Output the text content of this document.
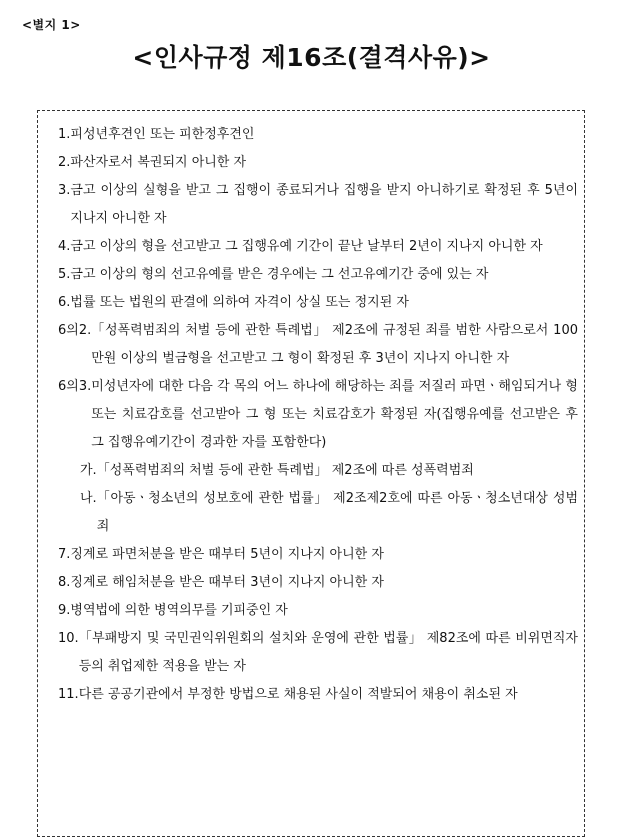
<별지 1>
<인사규정 제16조(결격사유)>
1. 피성년후견인 또는 피한정후견인
2. 파산자로서 복권되지 아니한 자
3. 금고 이상의 실형을 받고 그 집행이 종료되거나 집행을 받지 아니하기로 확정된 후 5년이 지나지 아니한 자
4. 금고 이상의 형을 선고받고 그 집행유예 기간이 끝난 날부터 2년이 지나지 아니한 자
5. 금고 이상의 형의 선고유예를 받은 경우에는 그 선고유예기간 중에 있는 자
6. 법률 또는 법원의 판결에 의하여 자격이 상실 또는 정지된 자
6의2. 「성폭력범죄의 처벌 등에 관한 특례법」 제2조에 규정된 죄를 범한 사람으로서 100만원 이상의 벌금형을 선고받고 그 형이 확정된 후 3년이 지나지 아니한 자
6의3. 미성년자에 대한 다음 각 목의 어느 하나에 해당하는 죄를 저질러 파면ㆍ해임되거나 형 또는 치료감호를 선고받아 그 형 또는 치료감호가 확정된 자(집행유예를 선고받은 후 그 집행유예기간이 경과한 자를 포함한다)
가. 「성폭력범죄의 처벌 등에 관한 특례법」 제2조에 따른 성폭력범죄
나. 「아동ㆍ청소년의 성보호에 관한 법률」 제2조제2호에 따른 아동ㆍ청소년대상 성범죄
7. 징계로 파면처분을 받은 때부터 5년이 지나지 아니한 자
8. 징계로 해임처분을 받은 때부터 3년이 지나지 아니한 자
9. 병역법에 의한 병역의무를 기피중인 자
10. 「부패방지 및 국민권익위원회의 설치와 운영에 관한 법률」 제82조에 따른 비위면직자 등의 취업제한 적용을 받는 자
11. 다른 공공기관에서 부정한 방법으로 채용된 사실이 적발되어 채용이 취소된 자
